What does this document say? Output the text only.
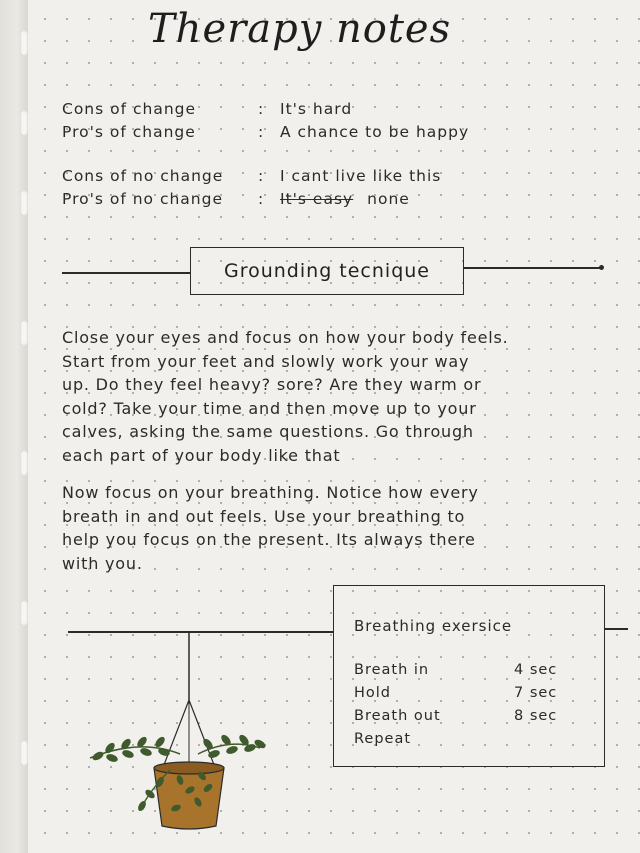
Therapy notes
Cons of change	: It's hard
Pro's of change	: A chance to be happy
Cons of no change : I cant live like this
Pro's of no change : It's easy none
Grounding tecnique
Close your eyes and focus on how your body feels.
Start from your feet and slowly work your way
up. Do they feel heavy? sore? Are they warm or
cold? Take your time and then move up to your
calves, asking the same questions. Go through
each part of your body like that
Now focus on your breathing. Notice how every
breath in and out feels. Use your breathing to
help you focus on the present. Its always there
with you.
Breathing exersice
Breath in	4 sec
Hold	7 sec
Breath out	8 sec
Repeat
